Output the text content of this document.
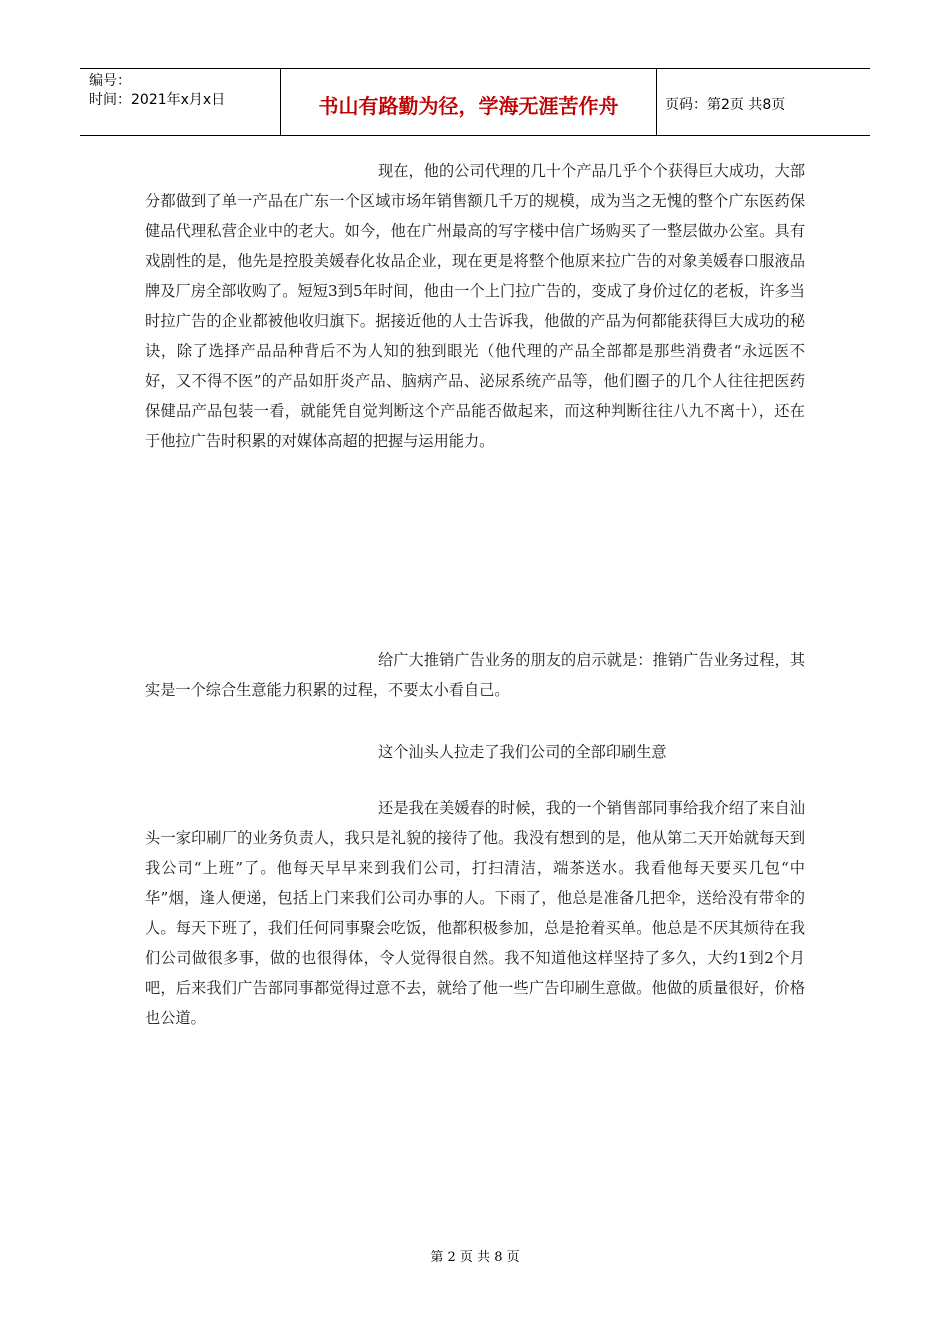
编号：
时间：2021年x月x日	书山有路勤为径，学海无涯苦作舟	页码：第2页 共8页

现在，他的公司代理的几十个产品几乎个个获得巨大成功，大部分都做到了单一产品在广东一个区域市场年销售额几千万的规模，成为当之无愧的整个广东医药保健品代理私营企业中的老大。如今，他在广州最高的写字楼中信广场购买了一整层做办公室。具有戏剧性的是，他先是控股美媛春化妆品企业，现在更是将整个他原来拉广告的对象美媛春口服液品牌及厂房全部收购了。短短3到5年时间，他由一个上门拉广告的，变成了身价过亿的老板，许多当时拉广告的企业都被他收归旗下。据接近他的人士告诉我，他做的产品为何都能获得巨大成功的秘诀，除了选择产品品种背后不为人知的独到眼光（他代理的产品全部都是那些消费者“永远医不好，又不得不医”的产品如肝炎产品、脑病产品、泌尿系统产品等，他们圈子的几个人往往把医药保健品产品包装一看，就能凭自觉判断这个产品能否做起来，而这种判断往往八九不离十），还在于他拉广告时积累的对媒体高超的把握与运用能力。

给广大推销广告业务的朋友的启示就是：推销广告业务过程，其实是一个综合生意能力积累的过程，不要太小看自己。

这个汕头人拉走了我们公司的全部印刷生意

还是我在美媛春的时候，我的一个销售部同事给我介绍了来自汕头一家印刷厂的业务负责人，我只是礼貌的接待了他。我没有想到的是，他从第二天开始就每天到我公司“上班”了。他每天早早来到我们公司，打扫清洁，端茶送水。我看他每天要买几包“中华”烟，逢人便递，包括上门来我们公司办事的人。下雨了，他总是准备几把伞，送给没有带伞的人。每天下班了，我们任何同事聚会吃饭，他都积极参加，总是抢着买单。他总是不厌其烦待在我们公司做很多事，做的也很得体，令人觉得很自然。我不知道他这样坚持了多久，大约1到2个月吧，后来我们广告部同事都觉得过意不去，就给了他一些广告印刷生意做。他做的质量很好，价格也公道。

第 2 页 共 8 页
